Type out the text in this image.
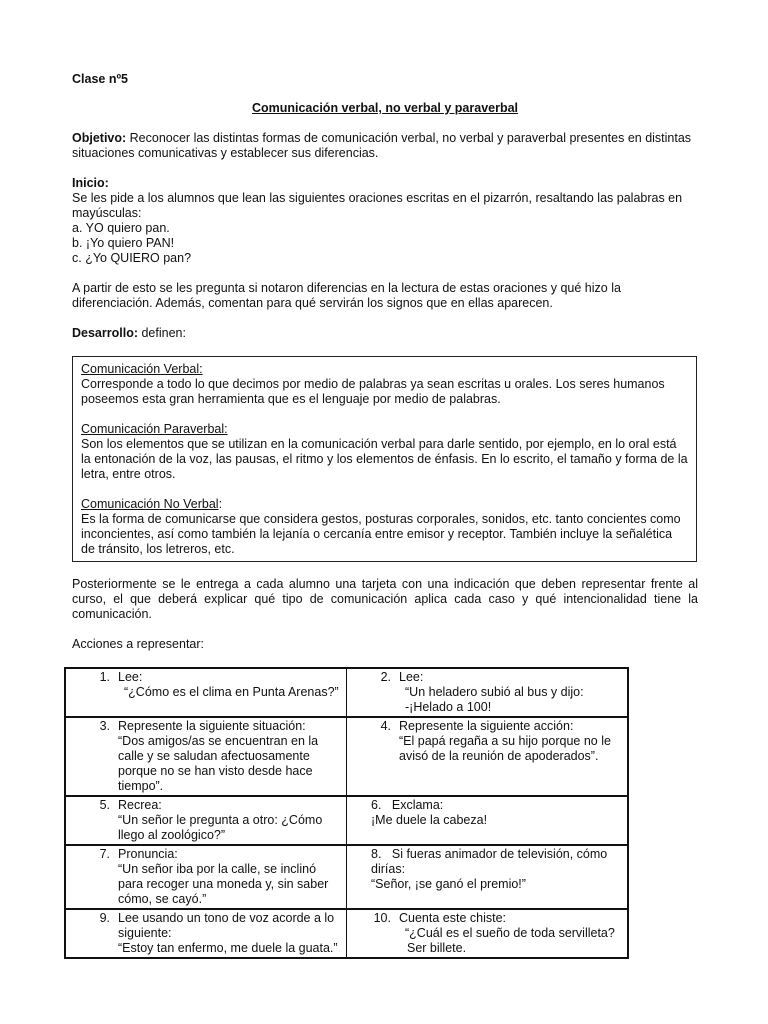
Clase nº5

Comunicación verbal, no verbal y paraverbal

Objetivo: Reconocer las distintas formas de comunicación verbal, no verbal y paraverbal presentes en distintas situaciones comunicativas y establecer sus diferencias.

Inicio:

Se les pide a los alumnos que lean las siguientes oraciones escritas en el pizarrón, resaltando las palabras en mayúsculas:

a. YO quiero pan.

b. ¡Yo quiero PAN!

c. ¿Yo QUIERO pan?

A partir de esto se les pregunta si notaron diferencias en la lectura de estas oraciones y qué hizo la diferenciación. Además, comentan para qué servirán los signos que en ellas aparecen.

Desarrollo: definen:

Comunicación Verbal:

Corresponde a todo lo que decimos por medio de palabras ya sean escritas u orales. Los seres humanos poseemos esta gran herramienta que es el lenguaje por medio de palabras.

Comunicación Paraverbal:

Son los elementos que se utilizan en la comunicación verbal para darle sentido, por ejemplo, en lo oral está la entonación de la voz, las pausas, el ritmo y los elementos de énfasis. En lo escrito, el tamaño y forma de la letra, entre otros.

Comunicación No Verbal:

Es la forma de comunicarse que considera gestos, posturas corporales, sonidos, etc. tanto concientes como inconcientes, así como también la lejanía o cercanía entre emisor y receptor. También incluye la señalética de tránsito, los letreros, etc.

Posteriormente se le entrega a cada alumno una tarjeta con una indicación que deben representar frente al curso, el que deberá explicar qué tipo de comunicación aplica cada caso y qué intencionalidad tiene la comunicación.

Acciones a representar:

1. Lee:
“¿Cómo es el clima en Punta Arenas?”	2. Lee:
“Un heladero subió al bus y dijo:
-¡Helado a 100!

3. Represente la siguiente situación:
“Dos amigos/as se encuentran en la calle y se saludan afectuosamente porque no se han visto desde hace tiempo”.	4. Represente la siguiente acción:
“El papá regaña a su hijo porque no le avisó de la reunión de apoderados”.

5. Recrea:
“Un señor le pregunta a otro: ¿Cómo llego al zoológico?”	6. Exclama:
¡Me duele la cabeza!

7. Pronuncia:
“Un señor iba por la calle, se inclinó para recoger una moneda y, sin saber cómo, se cayó.”	8. Si fueras animador de televisión, cómo dirías:
“Señor, ¡se ganó el premio!”

9. Lee usando un tono de voz acorde a lo siguiente:
“Estoy tan enfermo, me duele la guata.”	10. Cuenta este chiste:
“¿Cuál es el sueño de toda servilleta?
Ser billete.
